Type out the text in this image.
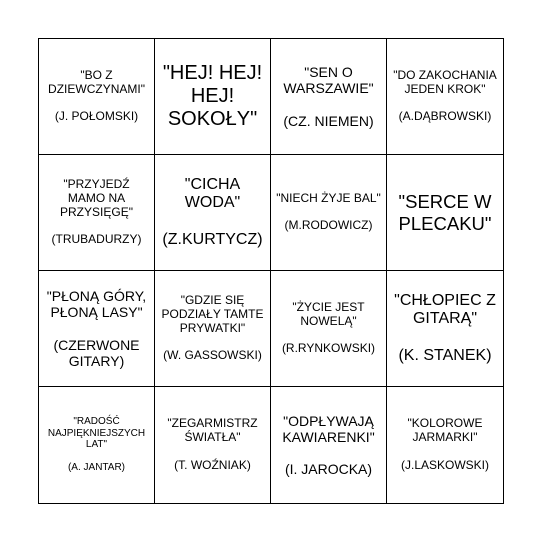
"BO Z DZIEWCZYNAMI"

(J. POŁOMSKI)
"HEJ! HEJ! HEJ! SOKOŁY"
"SEN O WARSZAWIE"

(CZ. NIEMEN)
"DO ZAKOCHANIA JEDEN KROK"

(A.DĄBROWSKI)
"PRZYJEDŹ MAMO NA PRZYSIĘGĘ"

(TRUBADURZY)
"CICHA WODA"

(Z.KURTYCZ)
"NIECH ŻYJE BAL"

(M.RODOWICZ)
"SERCE W PLECAKU"
"PŁONĄ GÓRY, PŁONĄ LASY"

(CZERWONE GITARY)
"GDZIE SIĘ PODZIAŁY TAMTE PRYWATKI"

(W. GASSOWSKI)
"ŻYCIE JEST NOWELĄ"

(R.RYNKOWSKI)
"CHŁOPIEC Z GITARĄ"

(K. STANEK)
"RADOŚĆ NAJPIĘKNIEJSZYCH LAT"

(A. JANTAR)
"ZEGARMISTRZ ŚWIATŁA"

(T. WOŹNIAK)
"ODPŁYWAJĄ KAWIARENKI"

(I. JAROCKA)
"KOLOROWE JARMARKI"

(J.LASKOWSKI)
